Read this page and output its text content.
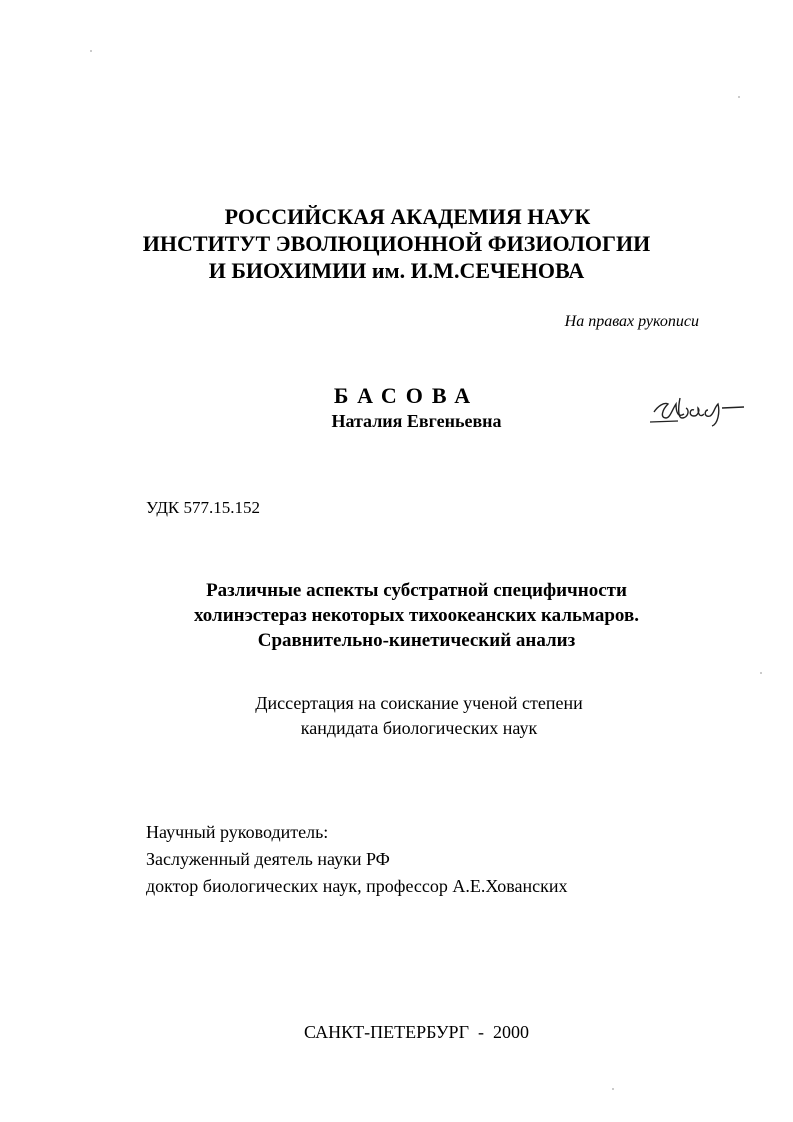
РОССИЙСКАЯ АКАДЕМИЯ НАУК
ИНСТИТУТ ЭВОЛЮЦИОННОЙ ФИЗИОЛОГИИ
И БИОХИМИИ им. И.М.СЕЧЕНОВА
На правах рукописи
БАСОВА
Наталия Евгеньевна
УДК 577.15.152
Различные аспекты субстратной специфичности
холинэстераз некоторых тихоокеанских кальмаров.
Сравнительно-кинетический анализ
Диссертация на соискание ученой степени
кандидата биологических наук
Научный руководитель:
Заслуженный деятель науки РФ
доктор биологических наук, профессор А.Е.Хованских
САНКТ-ПЕТЕРБУРГ  -  2000
